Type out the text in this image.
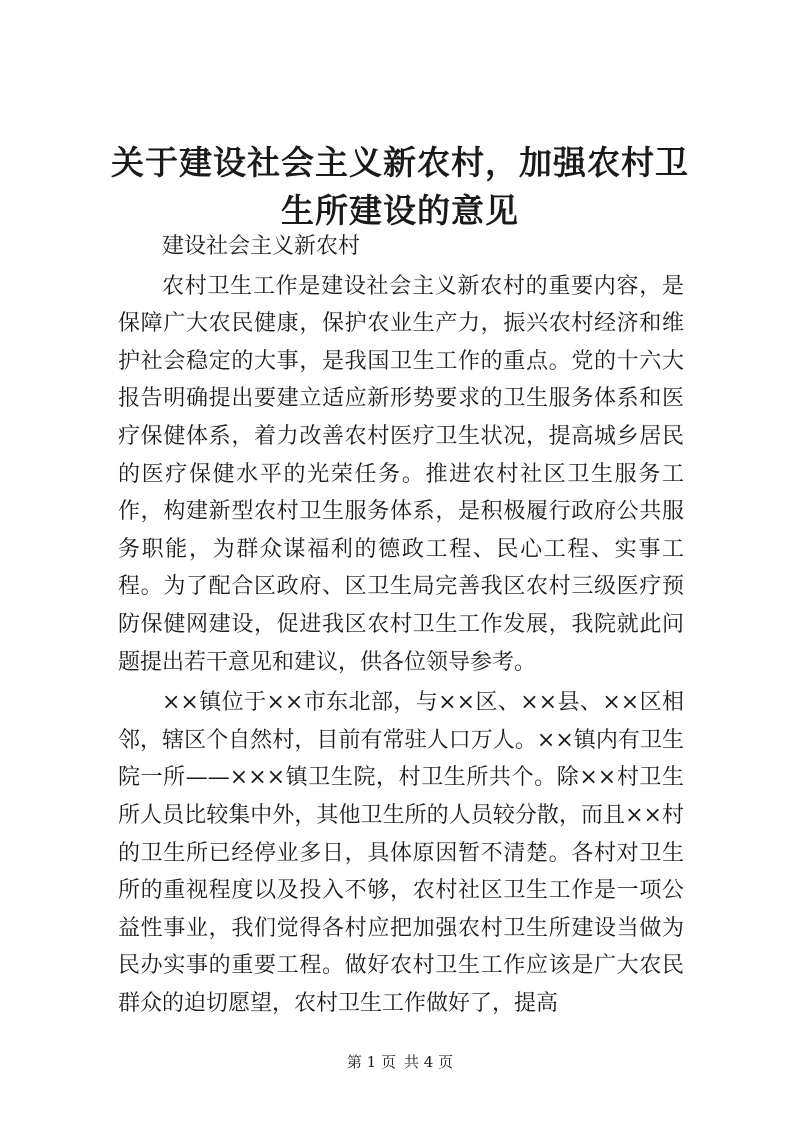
关于建设社会主义新农村，加强农村卫生所建设的意见

建设社会主义新农村

农村卫生工作是建设社会主义新农村的重要内容，是保障广大农民健康，保护农业生产力，振兴农村经济和维护社会稳定的大事，是我国卫生工作的重点。党的十六大报告明确提出要建立适应新形势要求的卫生服务体系和医疗保健体系，着力改善农村医疗卫生状况，提高城乡居民的医疗保健水平的光荣任务。推进农村社区卫生服务工作，构建新型农村卫生服务体系，是积极履行政府公共服务职能，为群众谋福利的德政工程、民心工程、实事工程。为了配合区政府、区卫生局完善我区农村三级医疗预防保健网建设，促进我区农村卫生工作发展，我院就此问题提出若干意见和建议，供各位领导参考。

××镇位于××市东北部，与××区、××县、××区相邻，辖区个自然村，目前有常驻人口万人。××镇内有卫生院一所——×××镇卫生院，村卫生所共个。除××村卫生所人员比较集中外，其他卫生所的人员较分散，而且××村的卫生所已经停业多日，具体原因暂不清楚。各村对卫生所的重视程度以及投入不够，农村社区卫生工作是一项公益性事业，我们觉得各村应把加强农村卫生所建设当做为民办实事的重要工程。做好农村卫生工作应该是广大农民群众的迫切愿望，农村卫生工作做好了，提高

第 1 页 共 4 页
